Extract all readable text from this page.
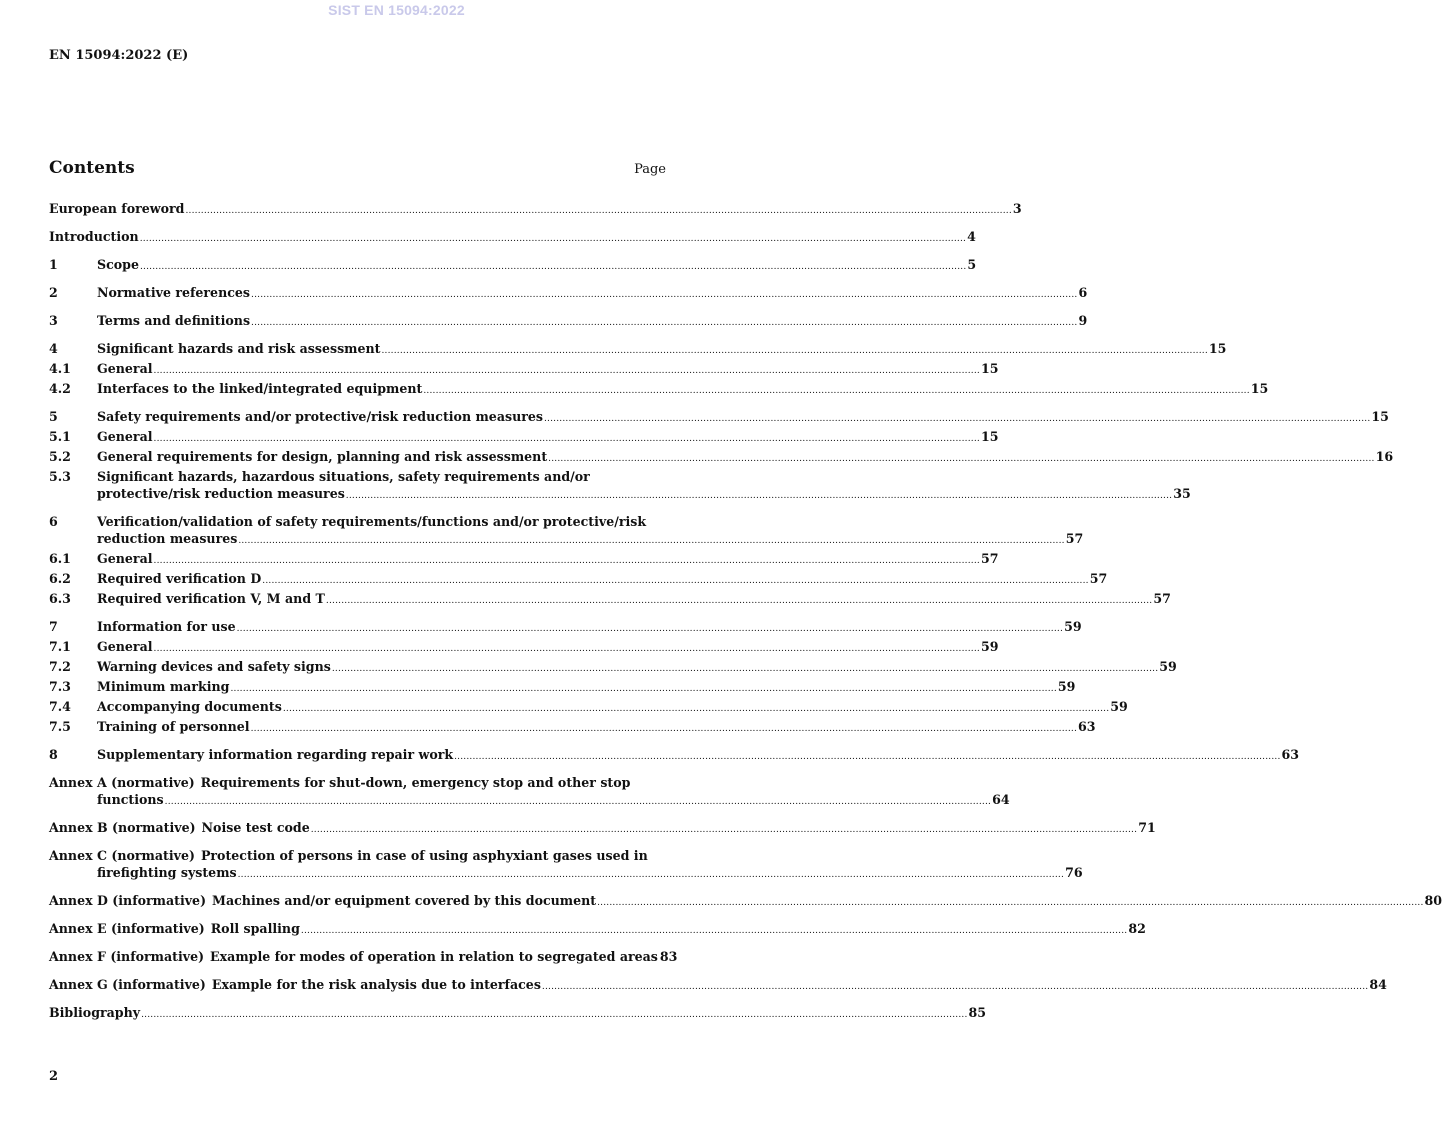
SIST EN 15094:2022
EN 15094:2022 (E)
Contents	Page
European foreword .....	3
Introduction .....	4
1	Scope .....	5
2	Normative references .....	6
3	Terms and definitions .....	9
4	Significant hazards and risk assessment .....	15
4.1	General .....	15
4.2	Interfaces to the linked/integrated equipment .....	15
5	Safety requirements and/or protective/risk reduction measures .....	15
5.1	General .....	15
5.2	General requirements for design, planning and risk assessment .....	16
5.3	Significant hazards, hazardous situations, safety requirements and/or
protective/risk reduction measures .....	35
6	Verification/validation of safety requirements/functions and/or protective/risk
reduction measures .....	57
6.1	General .....	57
6.2	Required verification D .....	57
6.3	Required verification V, M and T .....	57
7	Information for use .....	59
7.1	General .....	59
7.2	Warning devices and safety signs .....	59
7.3	Minimum marking .....	59
7.4	Accompanying documents .....	59
7.5	Training of personnel .....	63
8	Supplementary information regarding repair work .....	63
Annex A (normative) Requirements for shut-down, emergency stop and other stop
functions .....	64
Annex B (normative) Noise test code .....	71
Annex C (normative) Protection of persons in case of using asphyxiant gases used in
firefighting systems .....	76
Annex D (informative) Machines and/or equipment covered by this document .....	80
Annex E (informative) Roll spalling .....	82
Annex F (informative) Example for modes of operation in relation to segregated areas 83
Annex G (informative) Example for the risk analysis due to interfaces .....	84
Bibliography .....	85
2
